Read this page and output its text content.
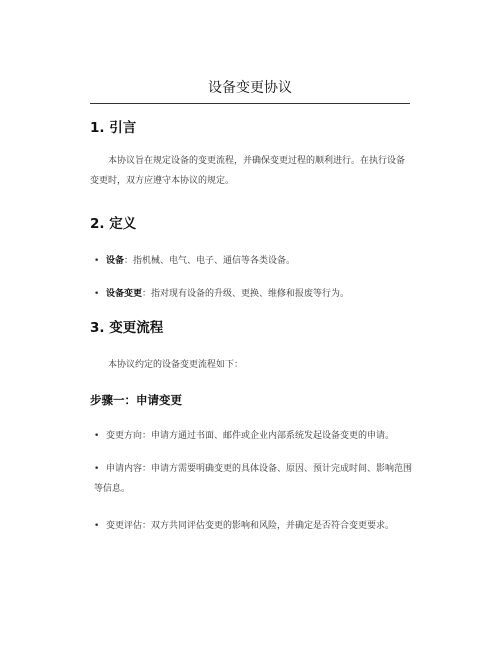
设备变更协议
1. 引言
本协议旨在规定设备的变更流程，并确保变更过程的顺利进行。在执行设备变更时，双方应遵守本协议的规定。
2. 定义
• 设备：指机械、电气、电子、通信等各类设备。
• 设备变更：指对现有设备的升级、更换、维修和报废等行为。
3. 变更流程
本协议约定的设备变更流程如下：
步骤一：申请变更
• 变更方向：申请方通过书面、邮件或企业内部系统发起设备变更的申请。
• 申请内容：申请方需要明确变更的具体设备、原因、预计完成时间、影响范围等信息。
• 变更评估：双方共同评估变更的影响和风险，并确定是否符合变更要求。
